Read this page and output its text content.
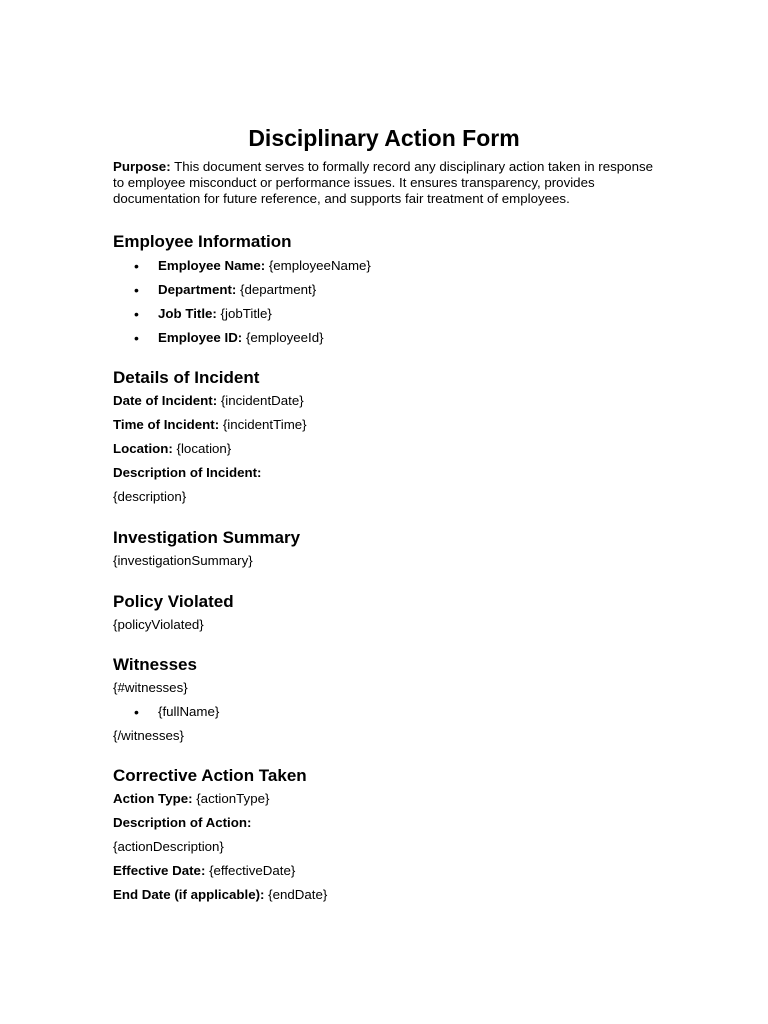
Disciplinary Action Form

Purpose: This document serves to formally record any disciplinary action taken in response to employee misconduct or performance issues. It ensures transparency, provides documentation for future reference, and supports fair treatment of employees.

Employee Information
• Employee Name: {employeeName}
• Department: {department}
• Job Title: {jobTitle}
• Employee ID: {employeeId}
Details of Incident

Date of Incident: {incidentDate}

Time of Incident: {incidentTime}

Location: {location}

Description of Incident:

{description}

Investigation Summary

{investigationSummary}

Policy Violated

{policyViolated}

Witnesses

{#witnesses}

• {fullName}

{/witnesses}

Corrective Action Taken

Action Type: {actionType}

Description of Action:

{actionDescription}

Effective Date: {effectiveDate}

End Date (if applicable): {endDate}
